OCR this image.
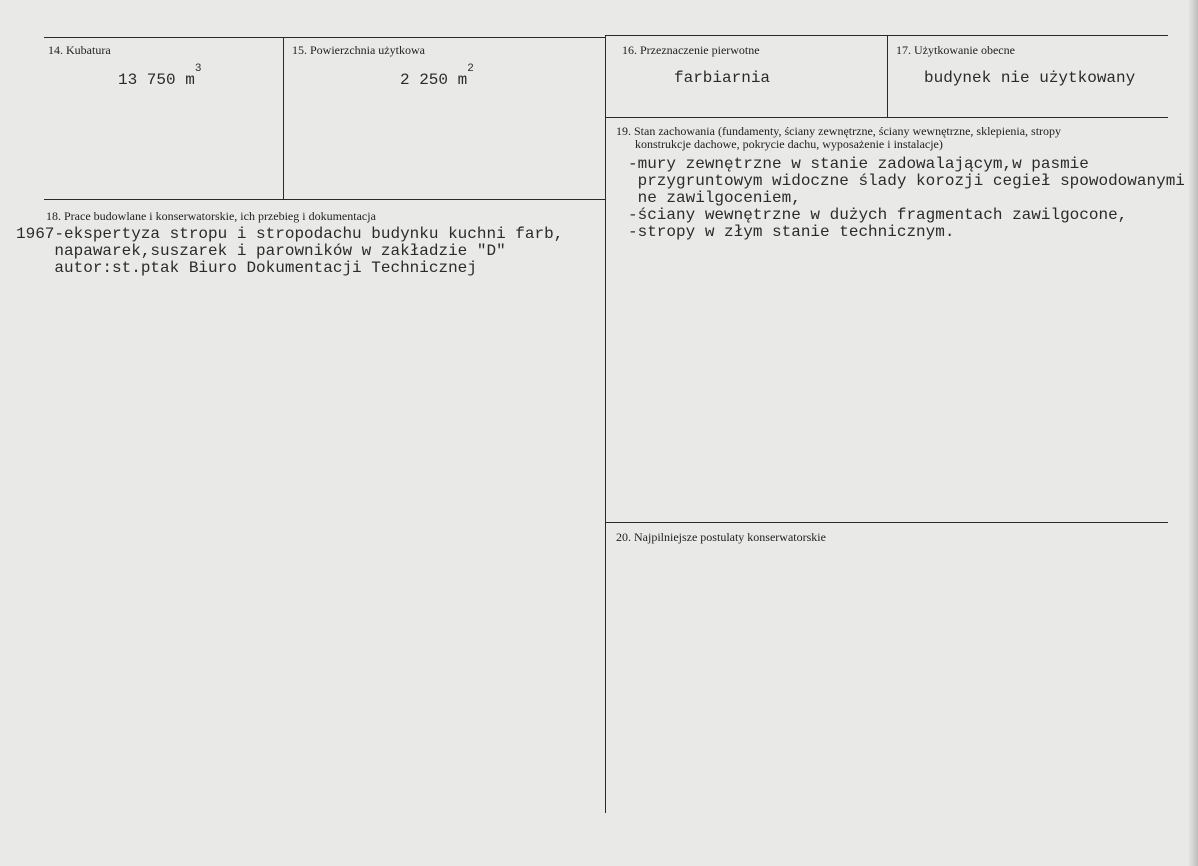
14. Kubatura
13 750 $m^3$
15. Powierzchnia użytkowa
2 250 $m^2$
16. Przeznaczenie pierwotne
farbiarnia
17. Użytkowanie obecne
budynek nie użytkowany
18. Prace budowlane i konserwatorskie, ich przebieg i dokumentacja
1967-ekspertyza stropu i stropodachu budynku kuchni farb,
napawarek,suszarek i parowników w zakładzie "D"
autor:st.ptak Biuro Dokumentacji Technicznej
19. Stan zachowania (fundamenty, ściany zewnętrzne, ściany wewnętrzne, sklepienia, stropy
konstrukcje dachowe, pokrycie dachu, wyposażenie i instalacje)
-mury zewnętrzne w stanie zadowalającym,w pasmie
przygruntowym widoczne ślady korozji cegieł spowodowanymi
ne zawilgoceniem,
-ściany wewnętrzne w dużych fragmentach zawilgocone,
-stropy w złym stanie technicznym.
20. Najpilniejsze postulaty konserwatorskie
